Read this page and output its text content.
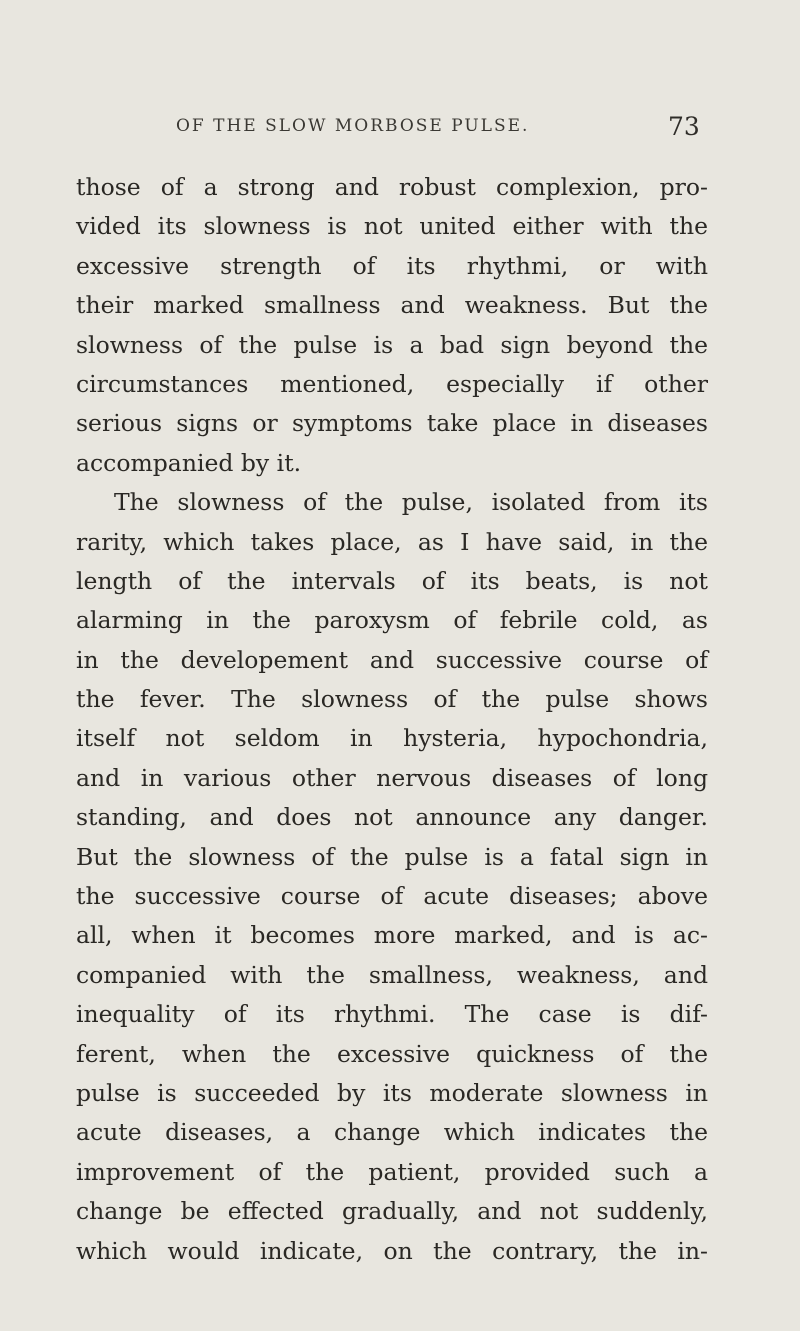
OF THE SLOW MORBOSE PULSE.	73
those of a strong and robust complexion, pro-
vided its slowness is not united either with the
excessive strength of its rhythmi, or with
their marked smallness and weakness. But the
slowness of the pulse is a bad sign beyond the
circumstances mentioned, especially if other
serious signs or symptoms take place in diseases
accompanied by it.
The slowness of the pulse, isolated from its
rarity, which takes place, as I have said, in the
length of the intervals of its beats, is not
alarming in the paroxysm of febrile cold, as
in the developement and successive course of
the fever. The slowness of the pulse shows
itself not seldom in hysteria, hypochondria,
and in various other nervous diseases of long
standing, and does not announce any danger.
But the slowness of the pulse is a fatal sign in
the successive course of acute diseases; above
all, when it becomes more marked, and is ac-
companied with the smallness, weakness, and
inequality of its rhythmi. The case is dif-
ferent, when the excessive quickness of the
pulse is succeeded by its moderate slowness in
acute diseases, a change which indicates the
improvement of the patient, provided such a
change be effected gradually, and not suddenly,
which would indicate, on the contrary, the in-
